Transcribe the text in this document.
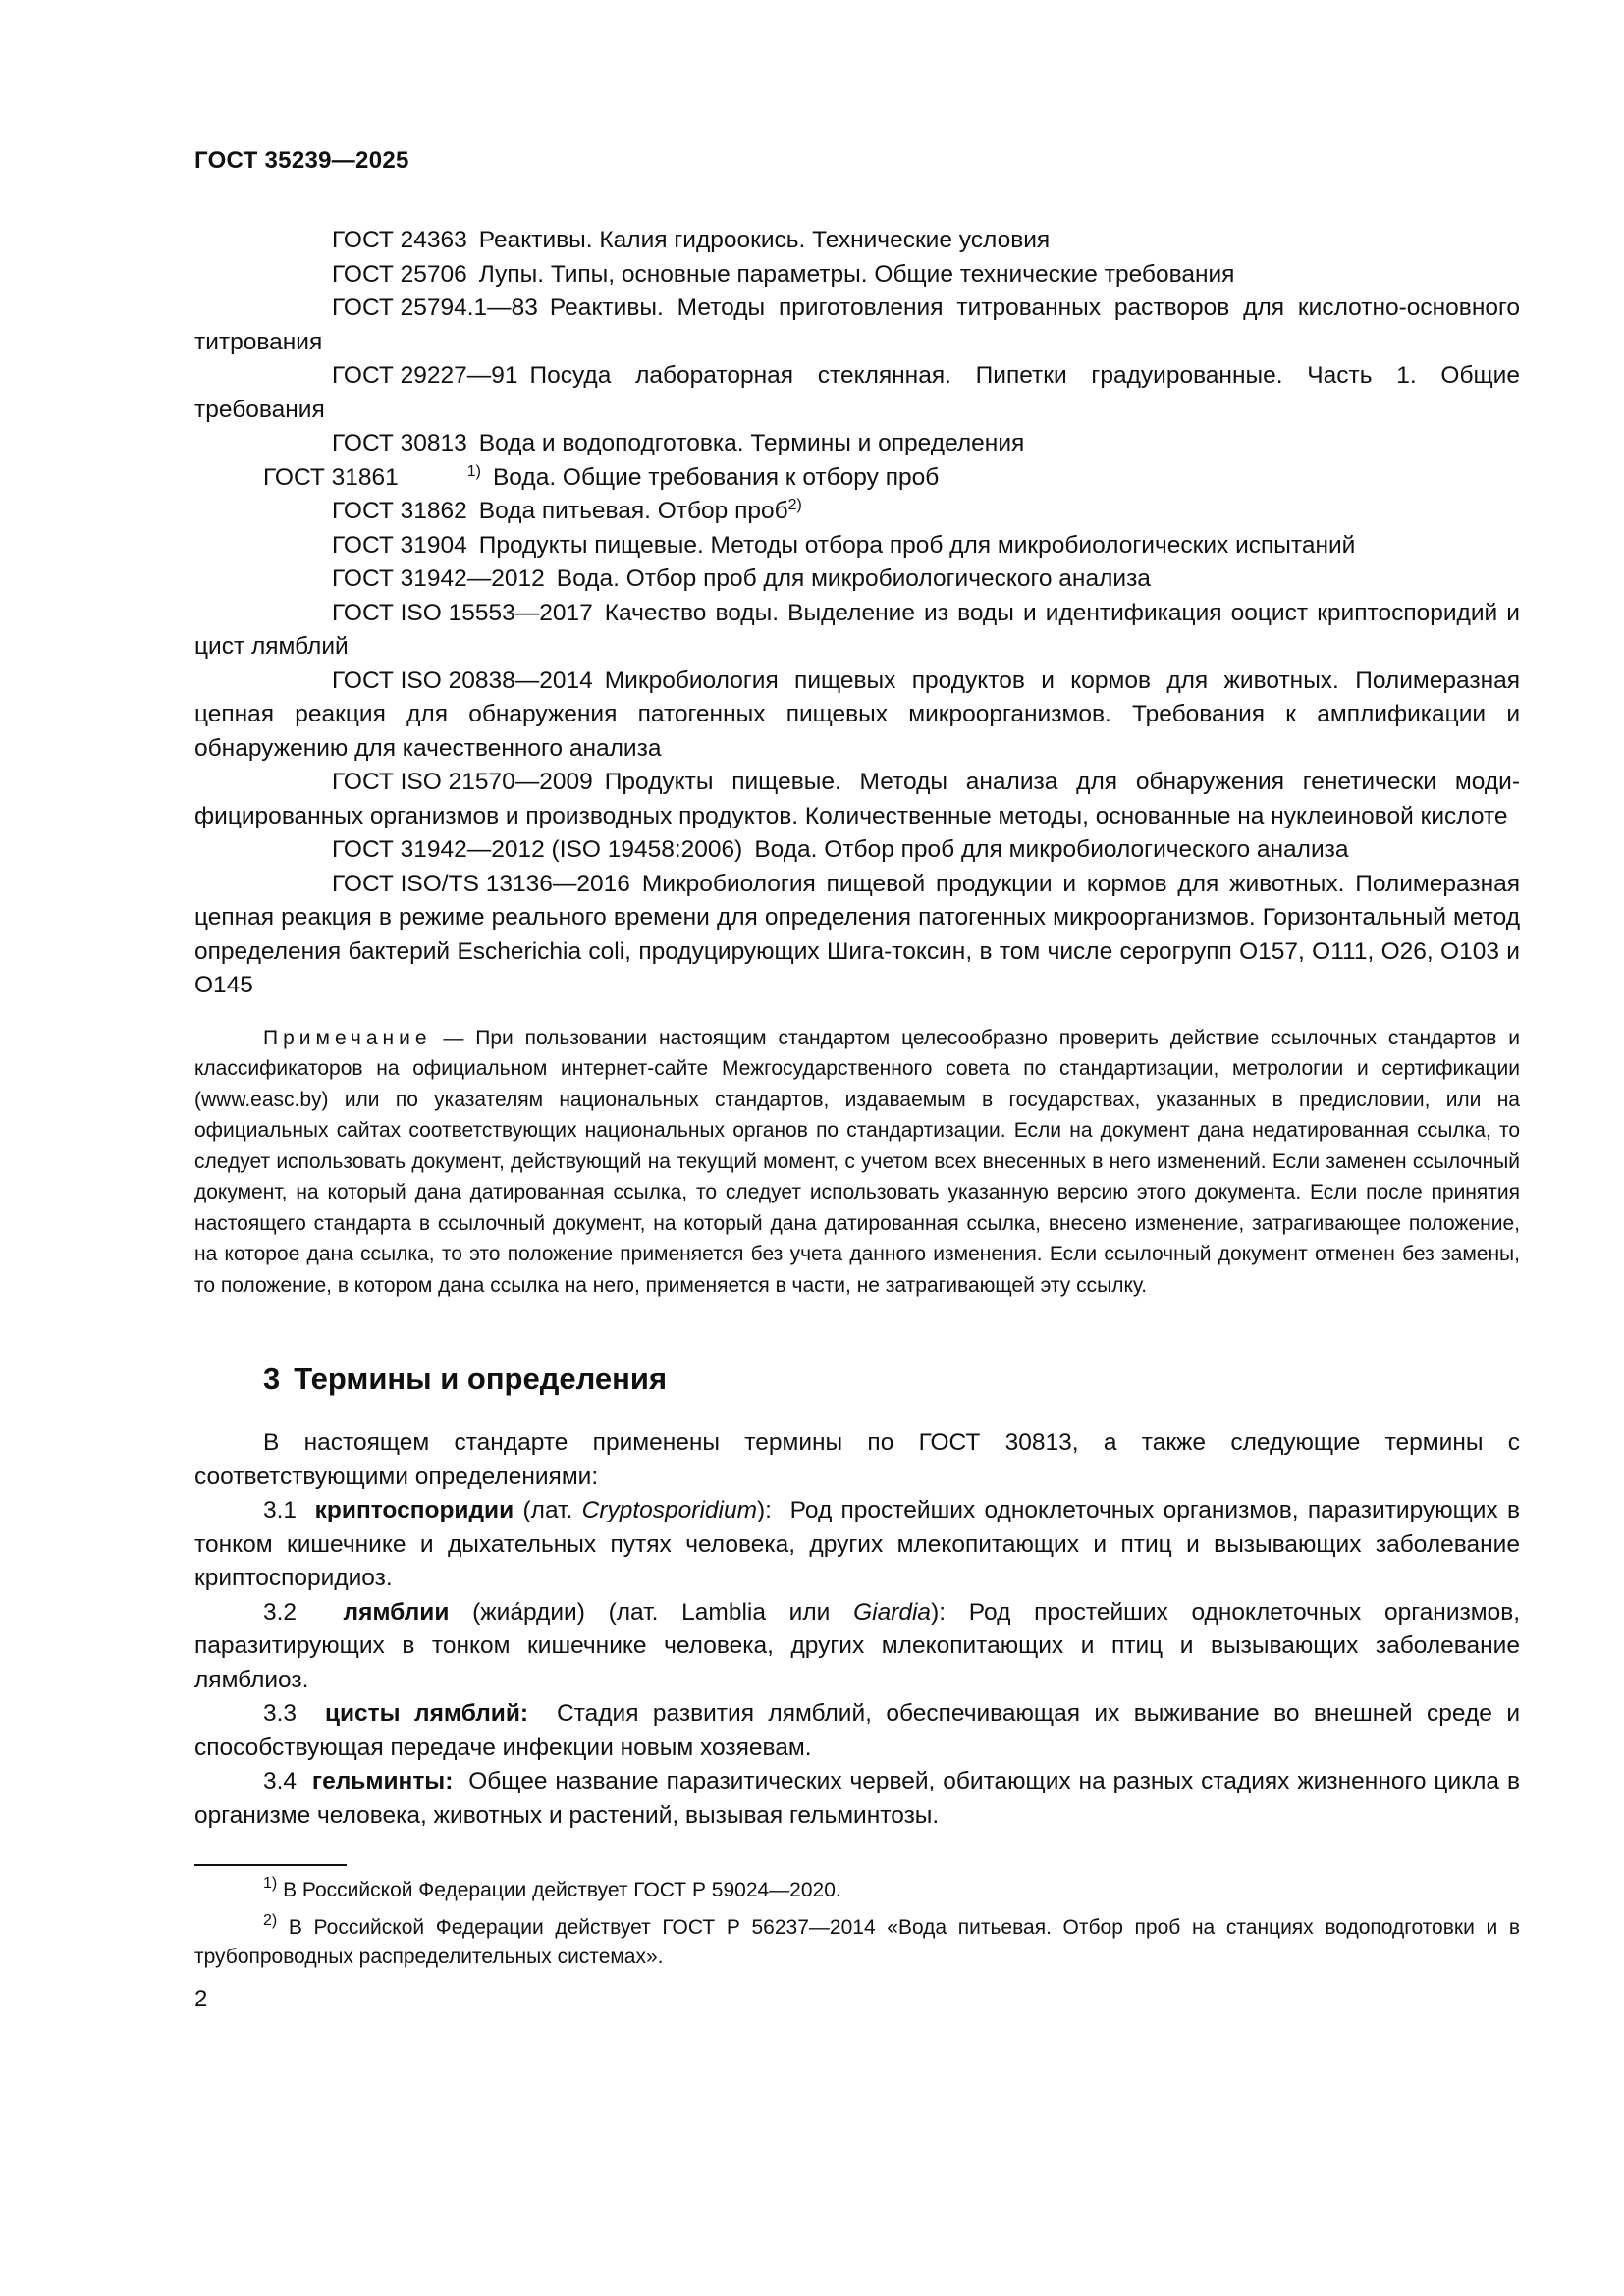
ГОСТ 35239—2025

ГОСТ 24363 Реактивы. Калия гидроокись. Технические условия

ГОСТ 25706 Лупы. Типы, основные параметры. Общие технические требования

ГОСТ 25794.1—83 Реактивы. Методы приготовления титрованных растворов для кислотно-основного титрования

ГОСТ 29227—91 Посуда лабораторная стеклянная. Пипетки градуированные. Часть 1. Общие требования

ГОСТ 30813 Вода и водоподготовка. Термины и определения

ГОСТ 31861	$^{1)}$ Вода. Общие требования к отбору проб

ГОСТ 31862 Вода питьевая. Отбор проб$^{2)}$

ГОСТ 31904 Продукты пищевые. Методы отбора проб для микробиологических испытаний

ГОСТ 31942—2012 Вода. Отбор проб для микробиологического анализа

ГОСТ ISO 15553—2017 Качество воды. Выделение из воды и идентификация ооцист криптоспоридий и цист лямблий

ГОСТ ISO 20838—2014 Микробиология пищевых продуктов и кормов для животных. Полимеразная цепная реакция для обнаружения патогенных пищевых микроорганизмов. Требования к амплификации и обнаружению для качественного анализа

ГОСТ ISO 21570—2009 Продукты пищевые. Методы анализа для обнаружения генетически модифицированных организмов и производных продуктов. Количественные методы, основанные на нуклеиновой кислоте

ГОСТ 31942—2012 (ISO 19458:2006) Вода. Отбор проб для микробиологического анализа

ГОСТ ISO/TS 13136—2016 Микробиология пищевой продукции и кормов для животных. Полимеразная цепная реакция в режиме реального времени для определения патогенных микроорганизмов. Горизонтальный метод определения бактерий Escherichia coli, продуцирующих Шига-токсин, в том числе серогрупп O157, O111, O26, O103 и O145

Примечание — При пользовании настоящим стандартом целесообразно проверить действие ссылочных стандартов и классификаторов на официальном интернет-сайте Межгосударственного совета по стандартизации, метрологии и сертификации (www.easc.by) или по указателям национальных стандартов, издаваемым в государствах, указанных в предисловии, или на официальных сайтах соответствующих национальных органов по стандартизации. Если на документ дана недатированная ссылка, то следует использовать документ, действующий на текущий момент, с учетом всех внесенных в него изменений. Если заменен ссылочный документ, на который дана датированная ссылка, то следует использовать указанную версию этого документа. Если после принятия настоящего стандарта в ссылочный документ, на который дана датированная ссылка, внесено изменение, затрагивающее положение, на которое дана ссылка, то это положение применяется без учета данного изменения. Если ссылочный документ отменен без замены, то положение, в котором дана ссылка на него, применяется в части, не затрагивающей эту ссылку.

3 Термины и определения

В настоящем стандарте применены термины по ГОСТ 30813, а также следующие термины с соответствующими определениями:

3.1 криптоспоридии (лат. Cryptosporidium): Род простейших одноклеточных организмов, паразитирующих в тонком кишечнике и дыхательных путях человека, других млекопитающих и птиц и вызывающих заболевание криптоспоридиоз.

3.2 лямблии (жиа́рдии) (лат. Lamblia или Giardia): Род простейших одноклеточных организмов, паразитирующих в тонком кишечнике человека, других млекопитающих и птиц и вызывающих заболевание лямблиоз.

3.3 цисты лямблий: Стадия развития лямблий, обеспечивающая их выживание во внешней среде и способствующая передаче инфекции новым хозяевам.

3.4 гельминты: Общее название паразитических червей, обитающих на разных стадиях жизненного цикла в организме человека, животных и растений, вызывая гельминтозы.

$^{1)}$ В Российской Федерации действует ГОСТ Р 59024—2020.

$^{2)}$ В Российской Федерации действует ГОСТ Р 56237—2014 «Вода питьевая. Отбор проб на станциях водоподготовки и в трубопроводных распределительных системах».

2
